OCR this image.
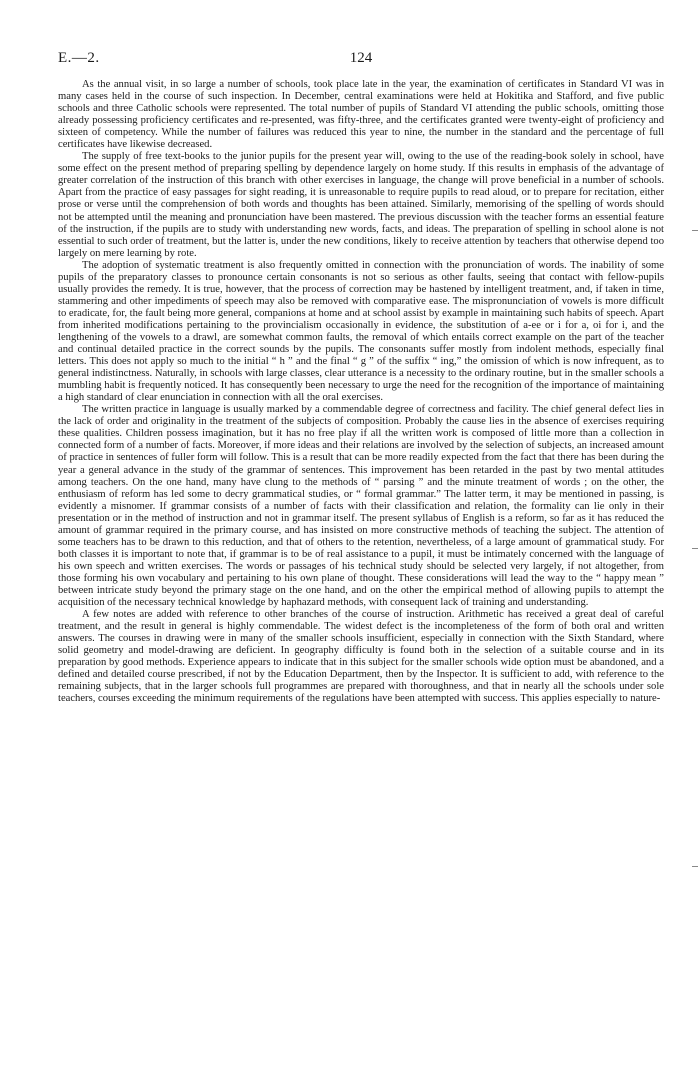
E.—2.	124

As the annual visit, in so large a number of schools, took place late in the year, the examination of certificates in Standard VI was in many cases held in the course of such inspection. In December, central examinations were held at Hokitika and Stafford, and five public schools and three Catholic schools were represented. The total number of pupils of Standard VI attending the public schools, omitting those already possessing proficiency certificates and re-presented, was fifty-three, and the certificates granted were twenty-eight of proficiency and sixteen of competency. While the number of failures was reduced this year to nine, the number in the standard and the percentage of full certificates have likewise decreased.

The supply of free text-books to the junior pupils for the present year will, owing to the use of the reading-book solely in school, have some effect on the present method of preparing spelling by dependence largely on home study. If this results in emphasis of the advantage of greater correlation of the instruction of this branch with other exercises in language, the change will prove beneficial in a number of schools. Apart from the practice of easy passages for sight reading, it is unreasonable to require pupils to read aloud, or to prepare for recitation, either prose or verse until the comprehension of both words and thoughts has been attained. Similarly, memorising of the spelling of words should not be attempted until the meaning and pronunciation have been mastered. The previous discussion with the teacher forms an essential feature of the instruction, if the pupils are to study with understanding new words, facts, and ideas. The preparation of spelling in school alone is not essential to such order of treatment, but the latter is, under the new conditions, likely to receive attention by teachers that otherwise depend too largely on mere learning by rote.

The adoption of systematic treatment is also frequently omitted in connection with the pronunciation of words. The inability of some pupils of the preparatory classes to pronounce certain consonants is not so serious as other faults, seeing that contact with fellow-pupils usually provides the remedy. It is true, however, that the process of correction may be hastened by intelligent treatment, and, if taken in time, stammering and other impediments of speech may also be removed with comparative ease. The mispronunciation of vowels is more difficult to eradicate, for, the fault being more general, companions at home and at school assist by example in maintaining such habits of speech. Apart from inherited modifications pertaining to the provincialism occasionally in evidence, the substitution of a-ee or i for a, oi for i, and the lengthening of the vowels to a drawl, are somewhat common faults, the removal of which entails correct example on the part of the teacher and continual detailed practice in the correct sounds by the pupils. The consonants suffer mostly from indolent methods, especially final letters. This does not apply so much to the initial “ h ” and the final “ g ” of the suffix “ ing,” the omission of which is now infrequent, as to general indistinctness. Naturally, in schools with large classes, clear utterance is a necessity to the ordinary routine, but in the smaller schools a mumbling habit is frequently noticed. It has consequently been necessary to urge the need for the recognition of the importance of maintaining a high standard of clear enunciation in connection with all the oral exercises.

The written practice in language is usually marked by a commendable degree of correctness and facility. The chief general defect lies in the lack of order and originality in the treatment of the subjects of composition. Probably the cause lies in the absence of exercises requiring these qualities. Children possess imagination, but it has no free play if all the written work is composed of little more than a collection in connected form of a number of facts. Moreover, if more ideas and their relations are involved by the selection of subjects, an increased amount of practice in sentences of fuller form will follow. This is a result that can be more readily expected from the fact that there has been during the year a general advance in the study of the grammar of sentences. This improvement has been retarded in the past by two mental attitudes among teachers. On the one hand, many have clung to the methods of “ parsing ” and the minute treatment of words ; on the other, the enthusiasm of reform has led some to decry grammatical studies, or “ formal grammar.” The latter term, it may be mentioned in passing, is evidently a misnomer. If grammar consists of a number of facts with their classification and relation, the formality can lie only in their presentation or in the method of instruction and not in grammar itself. The present syllabus of English is a reform, so far as it has reduced the amount of grammar required in the primary course, and has insisted on more constructive methods of teaching the subject. The attention of some teachers has to be drawn to this reduction, and that of others to the retention, nevertheless, of a large amount of grammatical study. For both classes it is important to note that, if grammar is to be of real assistance to a pupil, it must be intimately concerned with the language of his own speech and written exercises. The words or passages of his technical study should be selected very largely, if not altogether, from those forming his own vocabulary and pertaining to his own plane of thought. These considerations will lead the way to the “ happy mean ” between intricate study beyond the primary stage on the one hand, and on the other the empirical method of allowing pupils to attempt the acquisition of the necessary technical knowledge by haphazard methods, with consequent lack of training and understanding.

A few notes are added with reference to other branches of the course of instruction. Arithmetic has received a great deal of careful treatment, and the result in general is highly commendable. The widest defect is the incompleteness of the form of both oral and written answers. The courses in drawing were in many of the smaller schools insufficient, especially in connection with the Sixth Standard, where solid geometry and model-drawing are deficient. In geography difficulty is found both in the selection of a suitable course and in its preparation by good methods. Experience appears to indicate that in this subject for the smaller schools wide option must be abandoned, and a defined and detailed course prescribed, if not by the Education Department, then by the Inspector. It is sufficient to add, with reference to the remaining subjects, that in the larger schools full programmes are prepared with thoroughness, and that in nearly all the schools under sole teachers, courses exceeding the minimum requirements of the regulations have been attempted with success. This applies especially to nature-
